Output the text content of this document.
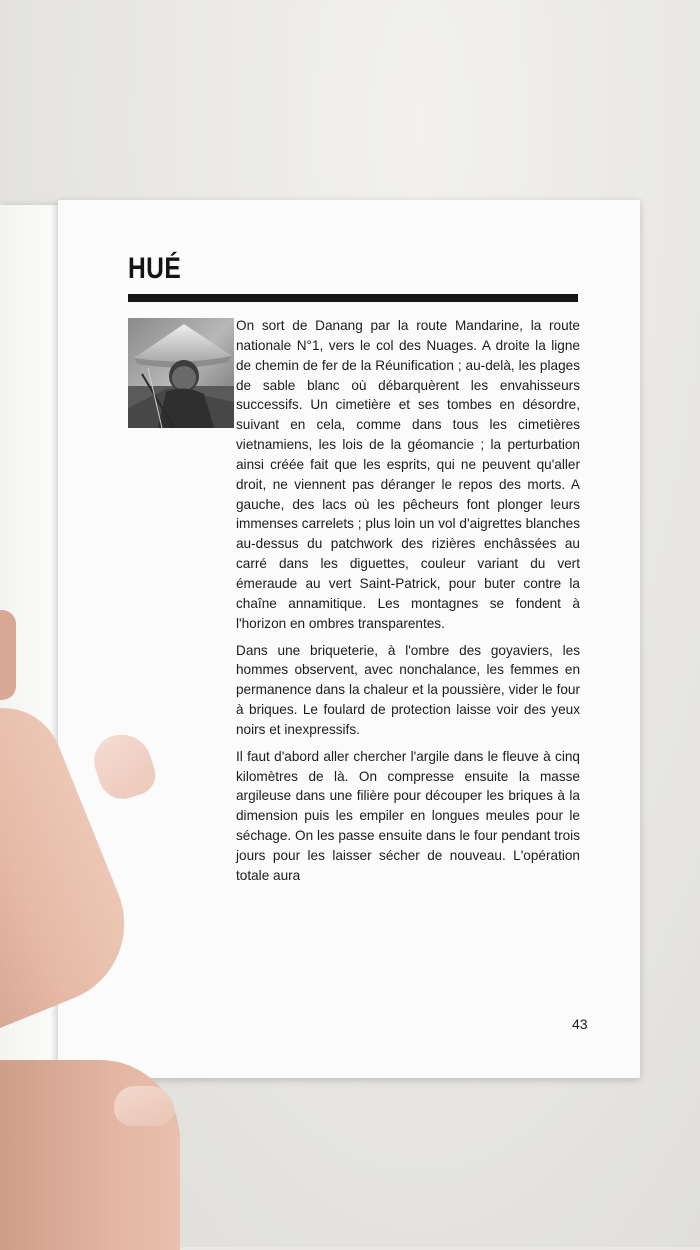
HUÉ

On sort de Danang par la route Mandarine, la route nationale N°1, vers le col des Nuages. A droite la ligne de chemin de fer de la Réunification ; au-delà, les plages de sable blanc où débarquèrent les envahisseurs successifs. Un cimetière et ses tombes en désordre, suivant en cela, comme dans tous les cimetières vietnamiens, les lois de la géomancie ; la perturbation ainsi créée fait que les esprits, qui ne peuvent qu'aller droit, ne viennent pas déranger le repos des morts. A gauche, des lacs où les pêcheurs font plonger leurs immenses carrelets ; plus loin un vol d'aigrettes blanches au-dessus du patchwork des rizières enchâssées au carré dans les diguettes, couleur variant du vert émeraude au vert Saint-Patrick, pour buter contre la chaîne annamitique. Les montagnes se fondent à l'horizon en ombres transparentes.

Dans une briqueterie, à l'ombre des goyaviers, les hommes observent, avec nonchalance, les femmes en permanence dans la chaleur et la poussière, vider le four à briques. Le foulard de protection laisse voir des yeux noirs et inexpressifs.

Il faut d'abord aller chercher l'argile dans le fleuve à cinq kilomètres de là. On compresse ensuite la masse argileuse dans une filière pour découper les briques à la dimension puis les empiler en longues meules pour le séchage. On les passe ensuite dans le four pendant trois jours pour les laisser sécher de nouveau. L'opération totale aura

43
